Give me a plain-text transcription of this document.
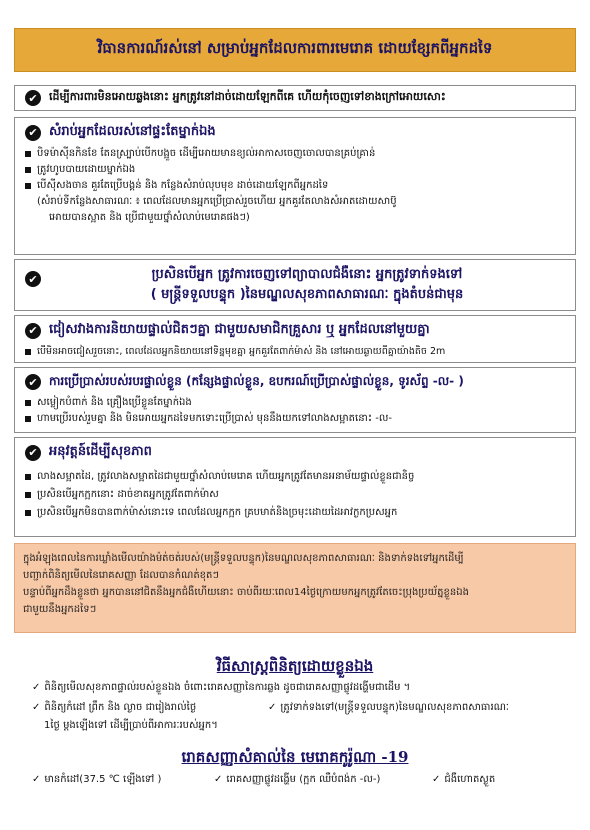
វិធានការណ៍រស់នៅ សម្រាប់អ្នកដែលការពារមេរោគ ដោយខ្សែកពីអ្នកដទៃ
✔	ដើម្បីការពារមិនអោយឆ្លងនោះ អ្នកត្រូវនៅដាច់ដោយឡែកពីគេ ហើយកុំចេញទៅខាងក្រៅអោយសោះ
✔ សំរាប់អ្នកដែលរស់នៅផ្ទះតែម្នាក់ឯង
បិទម៉ាស៊ីនកិនខែ តែនស្ប្រាប់បើកបង្អួច ដើម្បីអោយមានខ្យល់អាកាសចេញចោលបានគ្រប់គ្រាន់
ត្រូវហូបបាយដោយម្នាក់ឯង
បើស៊ីសងចាន គួរតែប្រើបង្គន់ និង កន្លែងសំរាប់លុបមុខ ដាច់ដោយឡែកពីអ្នកដទៃ
(សំរាប់ទីកន្លែងសាធារណៈ ៖ ពេលដែលមានអ្នកប្រើប្រាស់រួចហើយ អ្នកគួរតែលាងសំអាតដោយសាប៊ូ
អោយបានស្អាត និង ប្រើជាមួយថ្នាំសំលាប់មេរោគផងៗ)
✔	ប្រសិនបើអ្នក ត្រូវការចេញទៅព្យាបាលជំងឺនោះ អ្នកត្រូវទាក់ទងទៅ
( មន្ត្រីទទួលបន្ទុក )នៃមណ្ឌលសុខភាពសាធារណៈ ក្នុងតំបន់ជាមុន
✔ ជៀសវាងការនិយាយផ្ទាល់ជិតៗគ្នា ជាមួយសមាជិកគ្រួសារ ឬ អ្នកដែលនៅមួយគ្នា
បើមិនអាចជៀសរួចនោះ, ពេលដែលអ្នកនិយាយនៅទិន្នមុខគ្នា អ្នកគួរតែពាក់ម៉ាស់ និង នៅអោយឆ្ងាយពីគ្នាយ៉ាងតិច 2m
✔ ការប្រើប្រាស់របស់របរផ្ទាល់ខ្លួន (កន្សែងផ្ទាល់ខ្លួន, ឧបករណ៍ប្រើប្រាស់ផ្ទាល់ខ្លួន, ទូរស័ព្ទ -ល- )
សម្លៀកបំពាក់ និង គ្រឿងប្រើខ្លួនតែម្នាក់ឯង
ហាមប្រើរបស់រួមគ្នា និង មិនអោយអ្នកដទៃមកទោះប្រើប្រាស់ មុននឹងយកទៅលាងសម្អាតនោះ -ល-
✔ អនុវត្តន៍ដើម្បីសុខភាព
លាងសម្អាតដៃ, ត្រូវលាងសម្អាតដៃជាមួយថ្នាំសំលាប់មេរោគ ហើយអ្នកត្រូវតែមានអនាម័យផ្ទាល់ខ្លួនជានិច្ច
ប្រសិនបើអ្នកក្អកនោះ ដាច់ខាតអ្នកត្រូវតែពាក់ម៉ាស
ប្រសិនបើអ្នកមិនបានពាក់ម៉ាស់នោះទេ ពេលដែលអ្នកក្អក គ្របមាត់និងច្រមុះដោយដៃអាវក្ងកប្រសអ្នក
ក្នុងអំឡុងពេលនៃការឃ្លាំងមើលយ៉ាងម៉ត់ចត់របស់(មន្ត្រីទទួលបន្ទុក)នៃមណ្ឌលសុខភាពសាធារណៈ និងទាក់ទងទៅអ្នកដើម្បី
បញ្ជាក់ពិនិត្យមើលនៃរោគសញ្ញា ដែលបានកំណត់ខុតៗ
បន្ទាប់ពីអ្នកដឹងខ្លួនថា អ្នកបាននៅជិតនឹងអ្នកជំងឺហើយនោះ ចាប់ពីរយៈពេល14ថ្ងៃក្រោយមកអ្នកត្រូវតែចេះប្រុងប្រយ័ត្នខ្លួនឯង
ជាមួយនឹងអ្នកដទៃៗ
វិធីសាស្រ្តពិនិត្យដោយខ្លួនឯង
✓ ពិនិត្យមើលសុខភាពផ្ទាល់របស់ខ្លួនឯង ចំពោះរោគសញ្ញានៃការឆ្លង ដូចជារោគសញ្ញាផ្លូវដង្ហើមជាដើម ។
✓ ពិនិត្យកំដៅ ព្រឹក និង ល្ងាច ជារៀងរាល់ថ្ងៃ	✓ ត្រូវទាក់ទងទៅ(មន្ត្រីទទួលបន្ទុក)នៃមណ្ឌលសុខភាពសាធារណៈ
1ថ្ងៃ ម្ដងឡើងទៅ ដើម្បីប្រាប់ពីអាការៈរបស់អ្នក។
រោគសញ្ញាសំគាល់នៃ មេរោគកូរ៉ូណា -19
✓ មានកំដៅ(37.5 ℃ ឡើងទៅ )	✓ រោគសញ្ញាផ្លូវដង្ហើម (ក្អក ឈឺបំពង់ក -ល-)	✓ ជំងឺហោតស្ងួត
